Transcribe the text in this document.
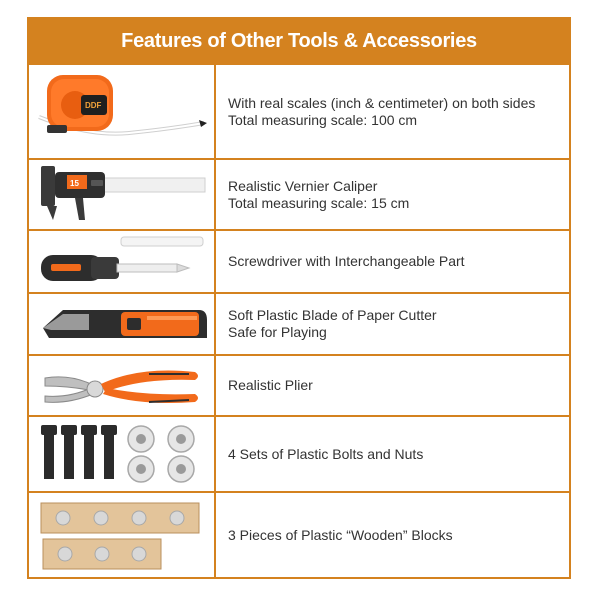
Features of Other Tools & Accessories
DDF	With real scales (inch & centimeter) on both sides
Total measuring scale: 100 cm
15	Realistic Vernier Caliper
Total measuring scale: 15 cm
Screwdriver with Interchangeable Part
Soft Plastic Blade of Paper Cutter
Safe for Playing
Realistic Plier
4 Sets of Plastic Bolts and Nuts
3 Pieces of Plastic “Wooden” Blocks
